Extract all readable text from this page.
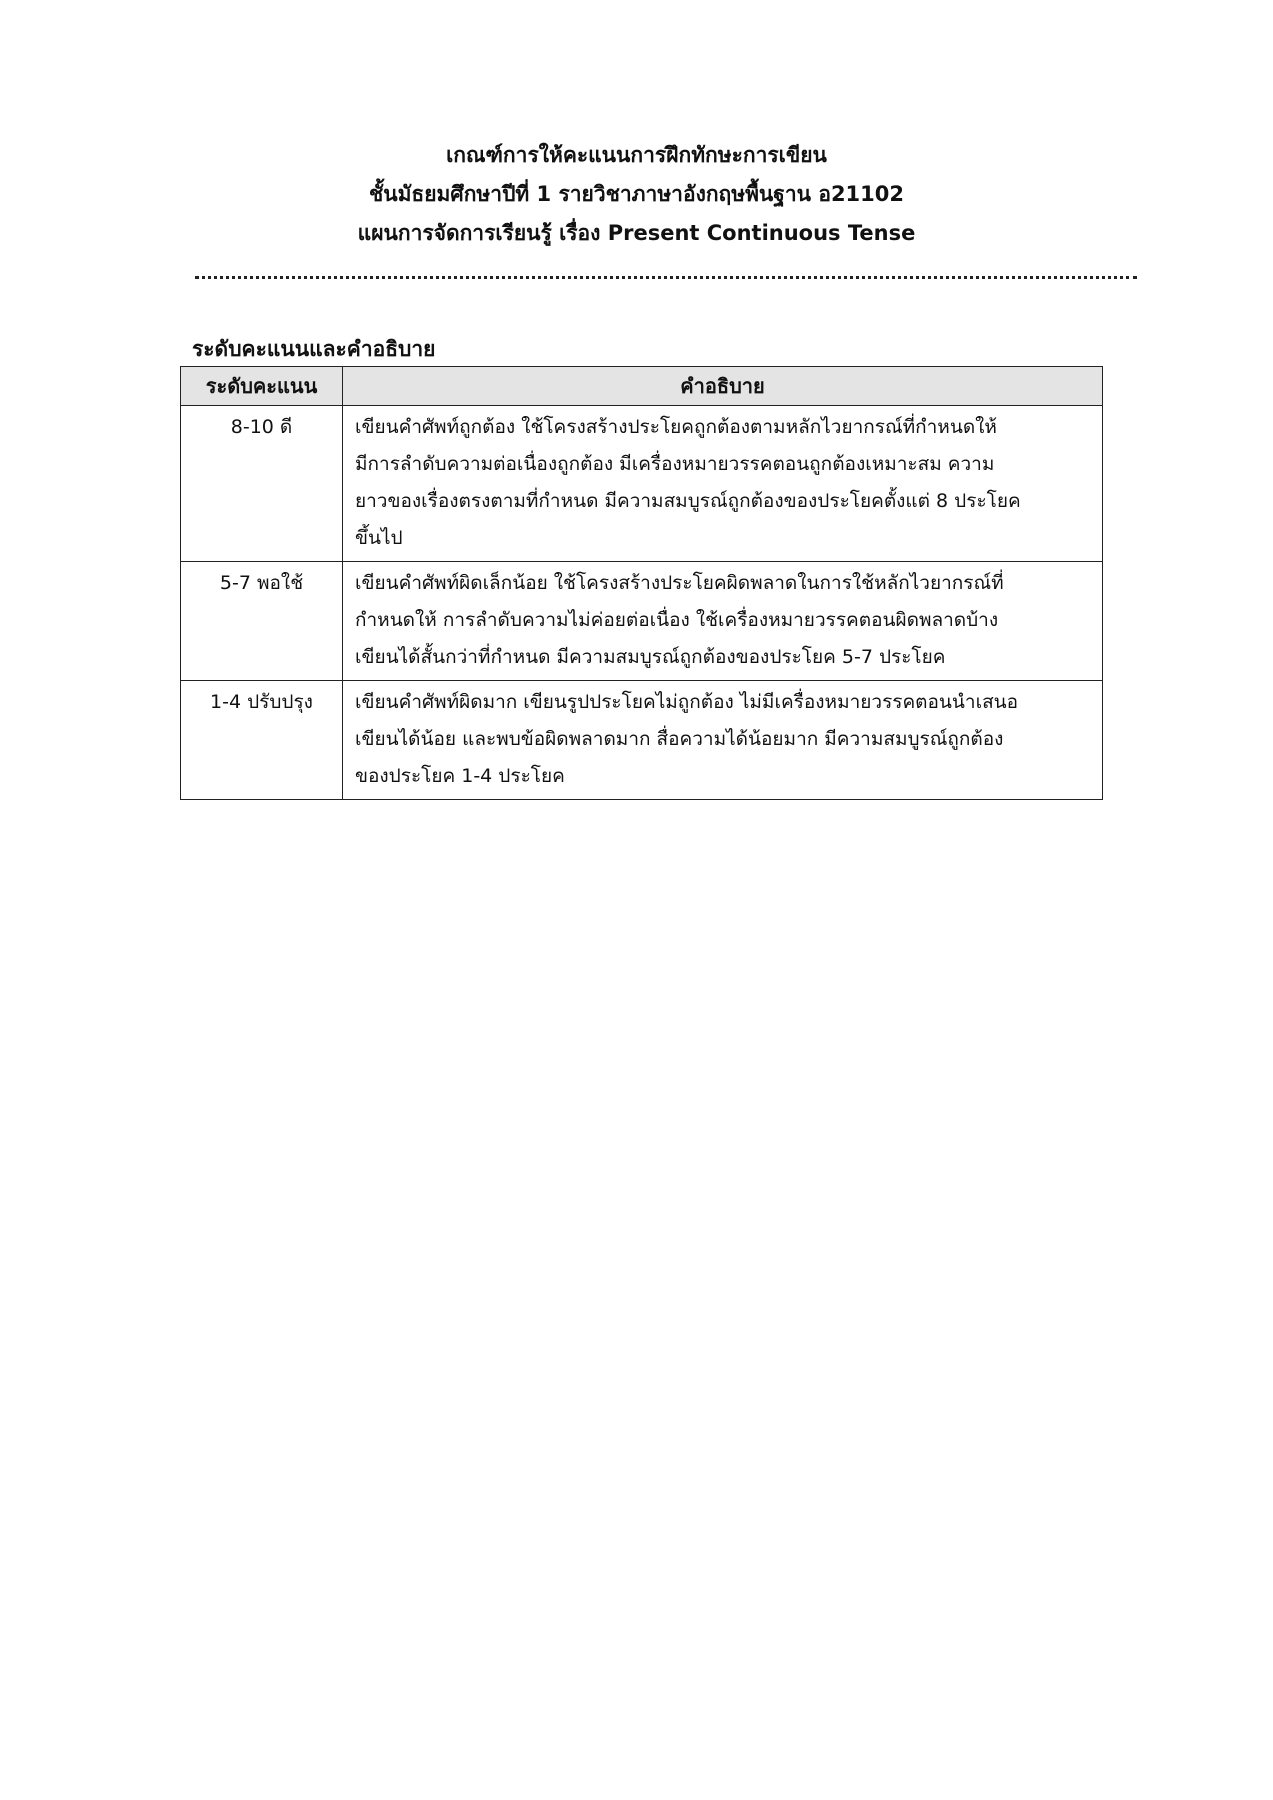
เกณฑ์การให้คะแนนการฝึกทักษะการเขียน
ชั้นมัธยมศึกษาปีที่ 1 รายวิชาภาษาอังกฤษพื้นฐาน อ21102
แผนการจัดการเรียนรู้ เรื่อง Present Continuous Tense
ระดับคะแนนและคำอธิบาย
ระดับคะแนน	คำอธิบาย
8-10 ดี	เขียนคำศัพท์ถูกต้อง ใช้โครงสร้างประโยคถูกต้องตามหลักไวยากรณ์ที่กำหนดให้
มีการลำดับความต่อเนื่องถูกต้อง มีเครื่องหมายวรรคตอนถูกต้องเหมาะสม ความ
ยาวของเรื่องตรงตามที่กำหนด มีความสมบูรณ์ถูกต้องของประโยคตั้งแต่ 8 ประโยค
ขึ้นไป

5-7 พอใช้	เขียนคำศัพท์ผิดเล็กน้อย ใช้โครงสร้างประโยคผิดพลาดในการใช้หลักไวยากรณ์ที่
กำหนดให้ การลำดับความไม่ค่อยต่อเนื่อง ใช้เครื่องหมายวรรคตอนผิดพลาดบ้าง
เขียนได้สั้นกว่าที่กำหนด มีความสมบูรณ์ถูกต้องของประโยค 5-7 ประโยค

1-4 ปรับปรุง	เขียนคำศัพท์ผิดมาก เขียนรูปประโยคไม่ถูกต้อง ไม่มีเครื่องหมายวรรคตอนนำเสนอ
เขียนได้น้อย และพบข้อผิดพลาดมาก สื่อความได้น้อยมาก มีความสมบูรณ์ถูกต้อง
ของประโยค 1-4 ประโยค
